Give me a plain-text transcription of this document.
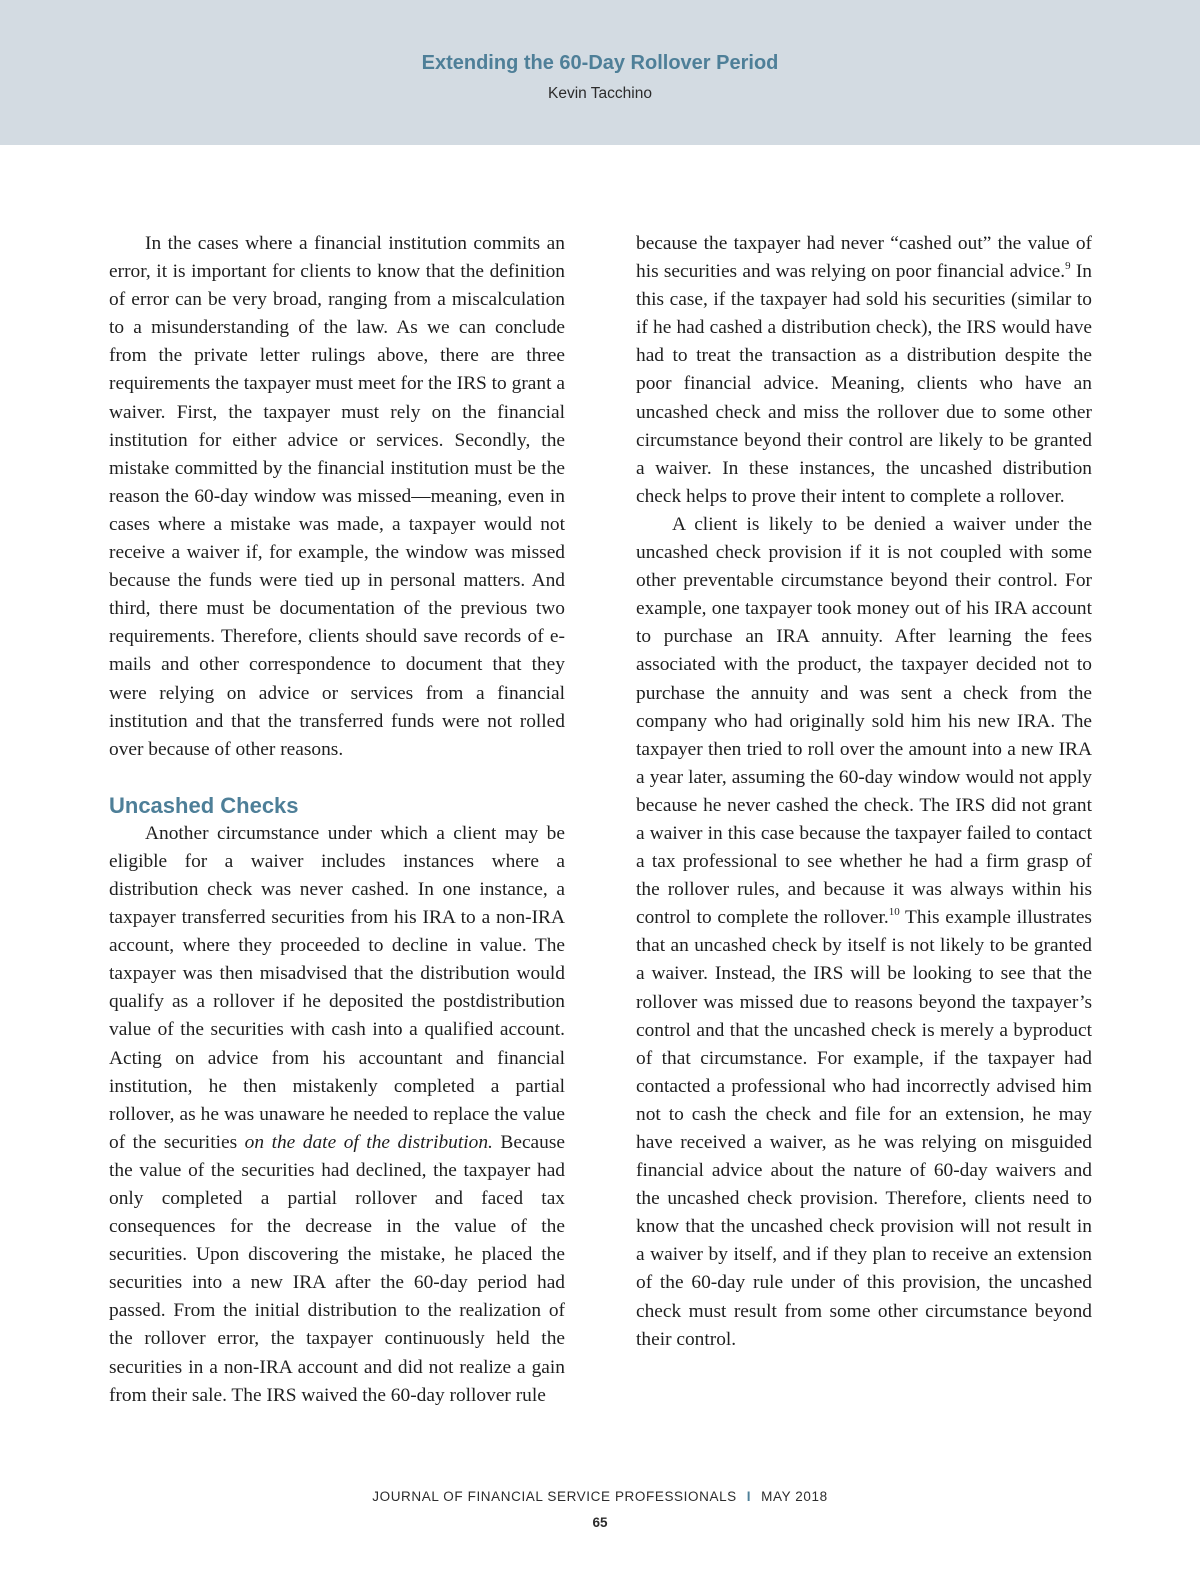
Extending the 60-Day Rollover Period
Kevin Tacchino

In the cases where a financial institution commits an error, it is important for clients to know that the definition of error can be very broad, ranging from a miscalculation to a misunderstanding of the law. As we can conclude from the private letter rulings above, there are three requirements the taxpayer must meet for the IRS to grant a waiver. First, the taxpayer must rely on the financial institution for either advice or services. Secondly, the mistake committed by the financial institution must be the reason the 60-day window was missed—meaning, even in cases where a mistake was made, a taxpayer would not receive a waiver if, for example, the window was missed because the funds were tied up in personal matters. And third, there must be documentation of the previous two requirements. Therefore, clients should save records of e-mails and other correspondence to document that they were relying on advice or services from a financial institution and that the transferred funds were not rolled over because of other reasons.

Uncashed Checks

Another circumstance under which a client may be eligible for a waiver includes instances where a distribution check was never cashed. In one instance, a taxpayer transferred securities from his IRA to a non-IRA account, where they proceeded to decline in value. The taxpayer was then misadvised that the distribution would qualify as a rollover if he deposited the postdistribution value of the securities with cash into a qualified account. Acting on advice from his accountant and financial institution, he then mistakenly completed a partial rollover, as he was unaware he needed to replace the value of the securities on the date of the distribution. Because the value of the securities had declined, the taxpayer had only completed a partial rollover and faced tax consequences for the decrease in the value of the securities. Upon discovering the mistake, he placed the securities into a new IRA after the 60-day period had passed. From the initial distribution to the realization of the rollover error, the taxpayer continuously held the securities in a non-IRA account and did not realize a gain from their sale. The IRS waived the 60-day rollover rule

because the taxpayer had never “cashed out” the value of his securities and was relying on poor financial advice.$^9$ In this case, if the taxpayer had sold his securities (similar to if he had cashed a distribution check), the IRS would have had to treat the transaction as a distribution despite the poor financial advice. Meaning, clients who have an uncashed check and miss the rollover due to some other circumstance beyond their control are likely to be granted a waiver. In these instances, the uncashed distribution check helps to prove their intent to complete a rollover.

A client is likely to be denied a waiver under the uncashed check provision if it is not coupled with some other preventable circumstance beyond their control. For example, one taxpayer took money out of his IRA account to purchase an IRA annuity. After learning the fees associated with the product, the taxpayer decided not to purchase the annuity and was sent a check from the company who had originally sold him his new IRA. The taxpayer then tried to roll over the amount into a new IRA a year later, assuming the 60-day window would not apply because he never cashed the check. The IRS did not grant a waiver in this case because the taxpayer failed to contact a tax professional to see whether he had a firm grasp of the rollover rules, and because it was always within his control to complete the rollover.$^{10}$ This example illustrates that an uncashed check by itself is not likely to be granted a waiver. Instead, the IRS will be looking to see that the rollover was missed due to reasons beyond the taxpayer’s control and that the uncashed check is merely a byproduct of that circumstance. For example, if the taxpayer had contacted a professional who had incorrectly advised him not to cash the check and file for an extension, he may have received a waiver, as he was relying on misguided financial advice about the nature of 60-day waivers and the uncashed check provision. Therefore, clients need to know that the uncashed check provision will not result in a waiver by itself, and if they plan to receive an extension of the 60-day rule under of this provision, the uncashed check must result from some other circumstance beyond their control.

JOURNAL OF FINANCIAL SERVICE PROFESSIONALS I MAY 2018
65
